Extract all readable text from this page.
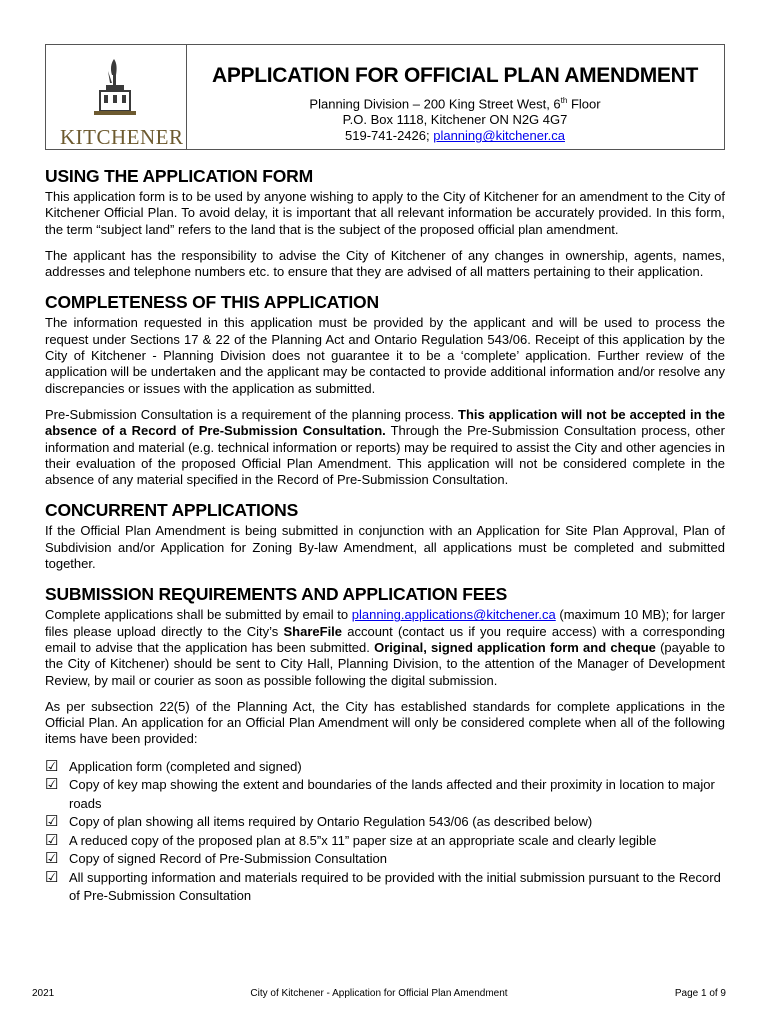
KITCHENER
APPLICATION FOR OFFICIAL PLAN AMENDMENT
Planning Division – 200 King Street West, 6th Floor
P.O. Box 1118, Kitchener ON N2G 4G7
519-741-2426; planning@kitchener.ca
USING THE APPLICATION FORM

This application form is to be used by anyone wishing to apply to the City of Kitchener for an amendment to the City of Kitchener Official Plan. To avoid delay, it is important that all relevant information be accurately provided. In this form, the term “subject land” refers to the land that is the subject of the proposed official plan amendment.

The applicant has the responsibility to advise the City of Kitchener of any changes in ownership, agents, names, addresses and telephone numbers etc. to ensure that they are advised of all matters pertaining to their application.

COMPLETENESS OF THIS APPLICATION

The information requested in this application must be provided by the applicant and will be used to process the request under Sections 17 & 22 of the Planning Act and Ontario Regulation 543/06. Receipt of this application by the City of Kitchener - Planning Division does not guarantee it to be a ‘complete’ application. Further review of the application will be undertaken and the applicant may be contacted to provide additional information and/or resolve any discrepancies or issues with the application as submitted.

Pre-Submission Consultation is a requirement of the planning process. This application will not be accepted in the absence of a Record of Pre-Submission Consultation. Through the Pre-Submission Consultation process, other information and material (e.g. technical information or reports) may be required to assist the City and other agencies in their evaluation of the proposed Official Plan Amendment. This application will not be considered complete in the absence of any material specified in the Record of Pre-Submission Consultation.

CONCURRENT APPLICATIONS

If the Official Plan Amendment is being submitted in conjunction with an Application for Site Plan Approval, Plan of Subdivision and/or Application for Zoning By-law Amendment, all applications must be completed and submitted together.

SUBMISSION REQUIREMENTS AND APPLICATION FEES

Complete applications shall be submitted by email to planning.applications@kitchener.ca (maximum 10 MB); for larger files please upload directly to the City’s ShareFile account (contact us if you require access) with a corresponding email to advise that the application has been submitted. Original, signed application form and cheque (payable to the City of Kitchener) should be sent to City Hall, Planning Division, to the attention of the Manager of Development Review, by mail or courier as soon as possible following the digital submission.

As per subsection 22(5) of the Planning Act, the City has established standards for complete applications in the Official Plan. An application for an Official Plan Amendment will only be considered complete when all of the following items have been provided:

☑ Application form (completed and signed)
☑ Copy of key map showing the extent and boundaries of the lands affected and their proximity in location to major roads
☑ Copy of plan showing all items required by Ontario Regulation 543/06 (as described below)
☑ A reduced copy of the proposed plan at 8.5”x 11” paper size at an appropriate scale and clearly legible
☑ Copy of signed Record of Pre-Submission Consultation
☑ All supporting information and materials required to be provided with the initial submission pursuant to the Record of Pre-Submission Consultation
2021	City of Kitchener - Application for Official Plan Amendment	Page 1 of 9
